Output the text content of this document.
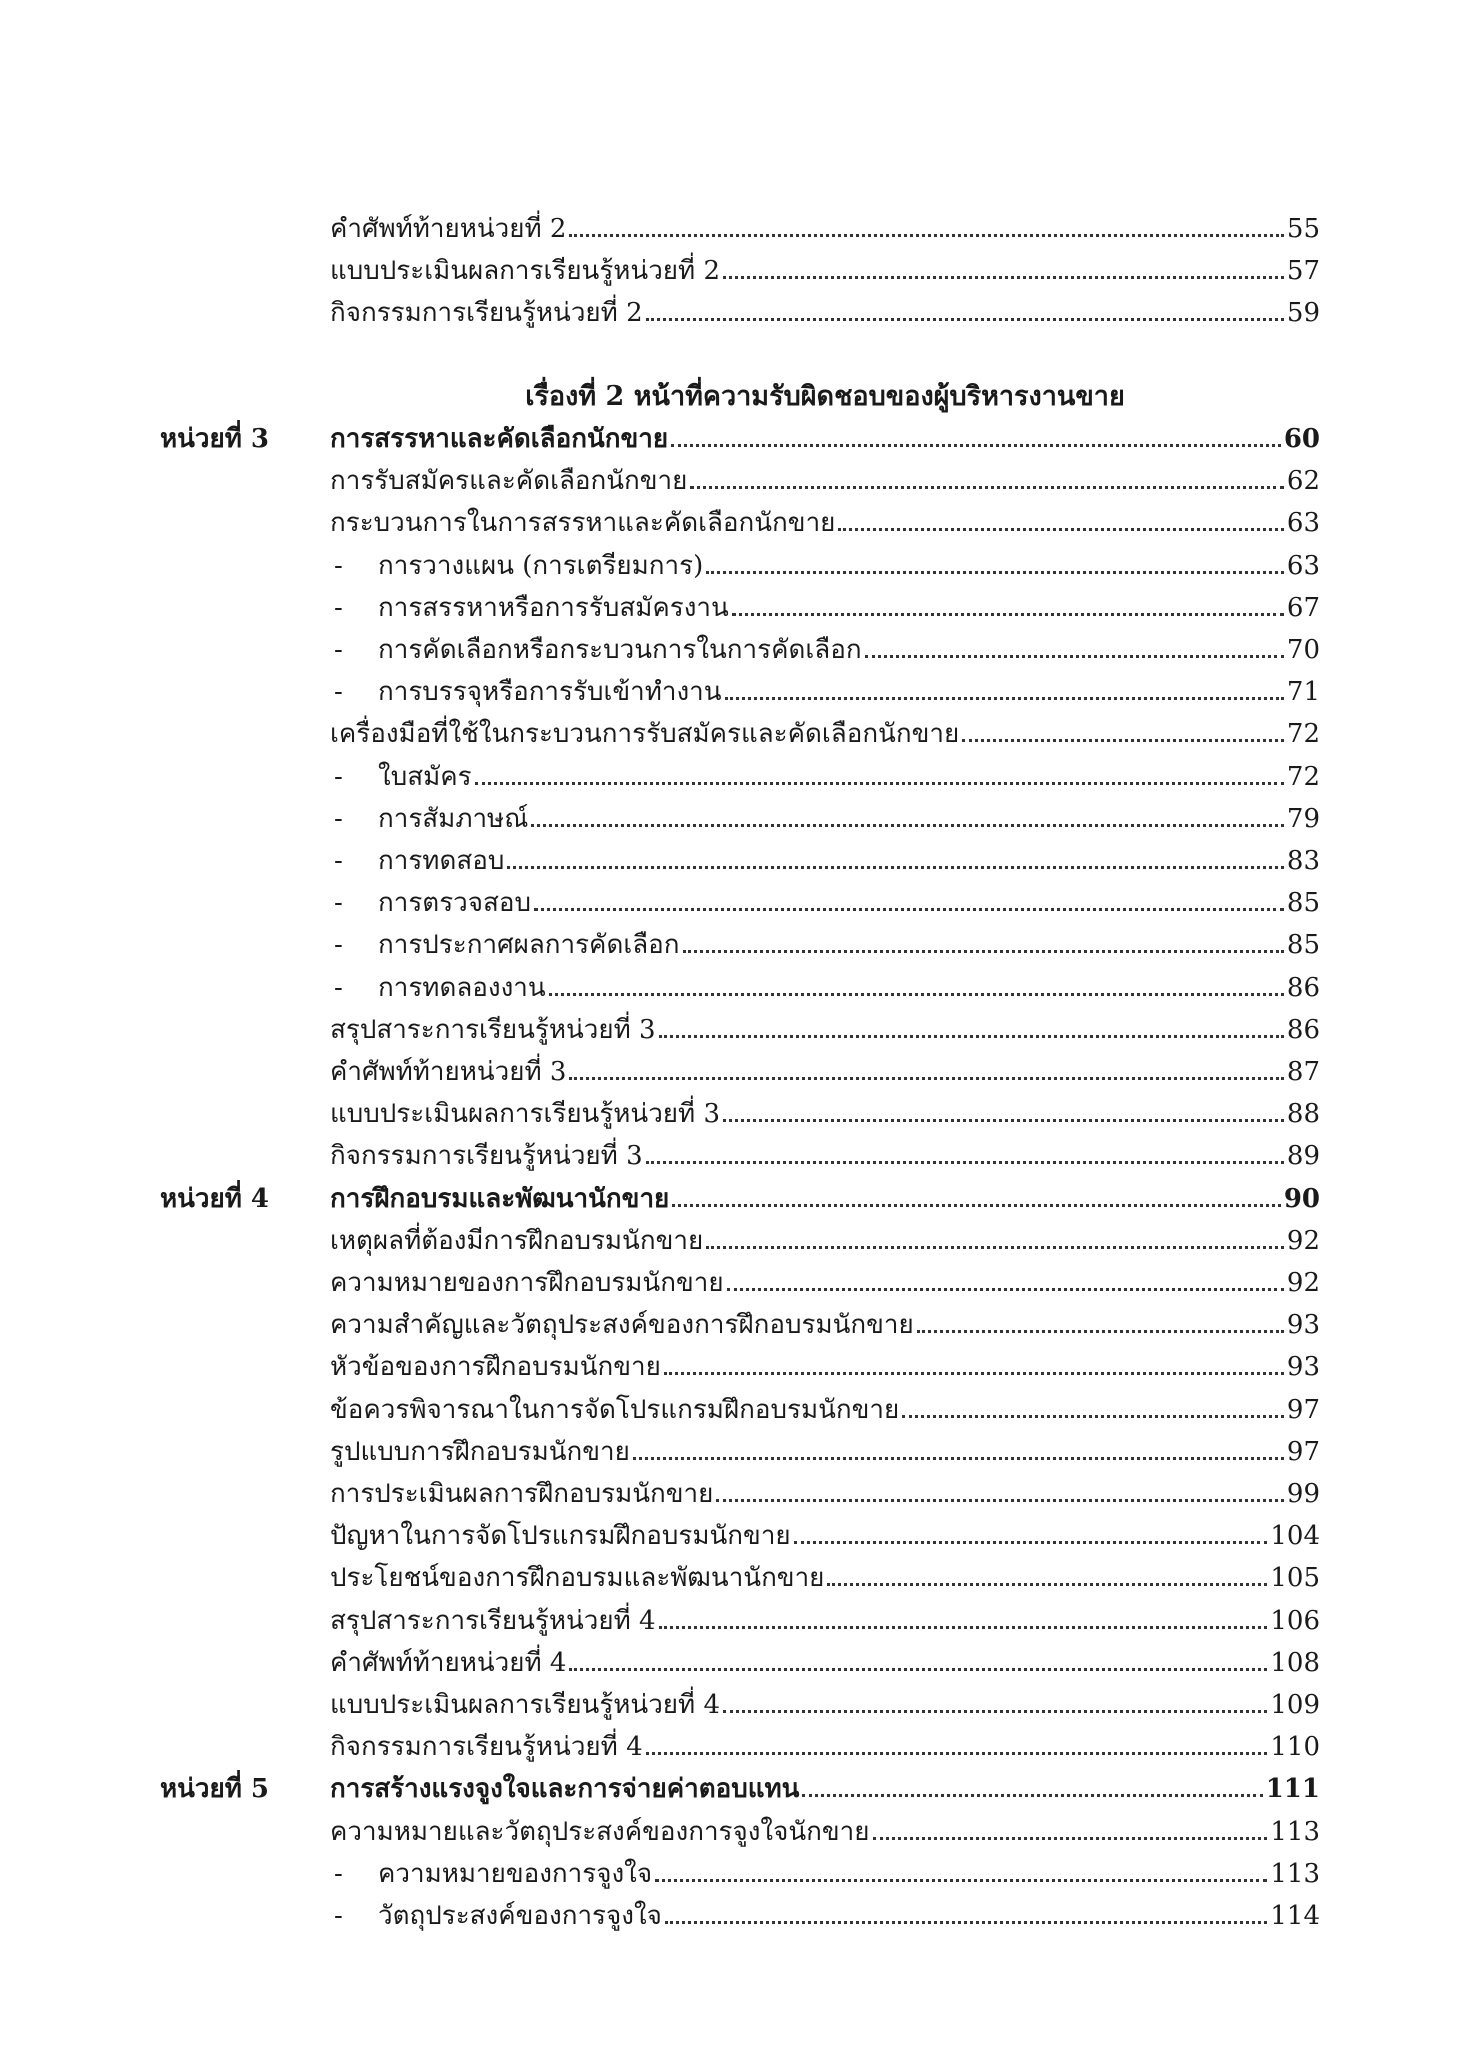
เรื่องที่ 2 หน้าที่ความรับผิดชอบของผู้บริหารงานขาย
คำศัพท์ท้ายหน่วยที่ 2	55
แบบประเมินผลการเรียนรู้หน่วยที่ 2	57
กิจกรรมการเรียนรู้หน่วยที่ 2	59
หน่วยที่ 3	การสรรหาและคัดเลือกนักขาย	60
การรับสมัครและคัดเลือกนักขาย	62
กระบวนการในการสรรหาและคัดเลือกนักขาย	63
-	การวางแผน (การเตรียมการ)	63
-	การสรรหาหรือการรับสมัครงาน	67
-	การคัดเลือกหรือกระบวนการในการคัดเลือก	70
-	การบรรจุหรือการรับเข้าทำงาน	71
เครื่องมือที่ใช้ในกระบวนการรับสมัครและคัดเลือกนักขาย	72
-	ใบสมัคร	72
-	การสัมภาษณ์	79
-	การทดสอบ	83
-	การตรวจสอบ	85
-	การประกาศผลการคัดเลือก	85
-	การทดลองงาน	86
สรุปสาระการเรียนรู้หน่วยที่ 3	86
คำศัพท์ท้ายหน่วยที่ 3	87
แบบประเมินผลการเรียนรู้หน่วยที่ 3	88
กิจกรรมการเรียนรู้หน่วยที่ 3	89
หน่วยที่ 4	การฝึกอบรมและพัฒนานักขาย	90
เหตุผลที่ต้องมีการฝึกอบรมนักขาย	92
ความหมายของการฝึกอบรมนักขาย	92
ความสำคัญและวัตถุประสงค์ของการฝึกอบรมนักขาย	93
หัวข้อของการฝึกอบรมนักขาย	93
ข้อควรพิจารณาในการจัดโปรแกรมฝึกอบรมนักขาย	97
รูปแบบการฝึกอบรมนักขาย	97
การประเมินผลการฝึกอบรมนักขาย	99
ปัญหาในการจัดโปรแกรมฝึกอบรมนักขาย	104
ประโยชน์ของการฝึกอบรมและพัฒนานักขาย	105
สรุปสาระการเรียนรู้หน่วยที่ 4	106
คำศัพท์ท้ายหน่วยที่ 4	108
แบบประเมินผลการเรียนรู้หน่วยที่ 4	109
กิจกรรมการเรียนรู้หน่วยที่ 4	110
หน่วยที่ 5	การสร้างแรงจูงใจและการจ่ายค่าตอบแทน	111
ความหมายและวัตถุประสงค์ของการจูงใจนักขาย	113
-	ความหมายของการจูงใจ	113
-	วัตถุประสงค์ของการจูงใจ	114
